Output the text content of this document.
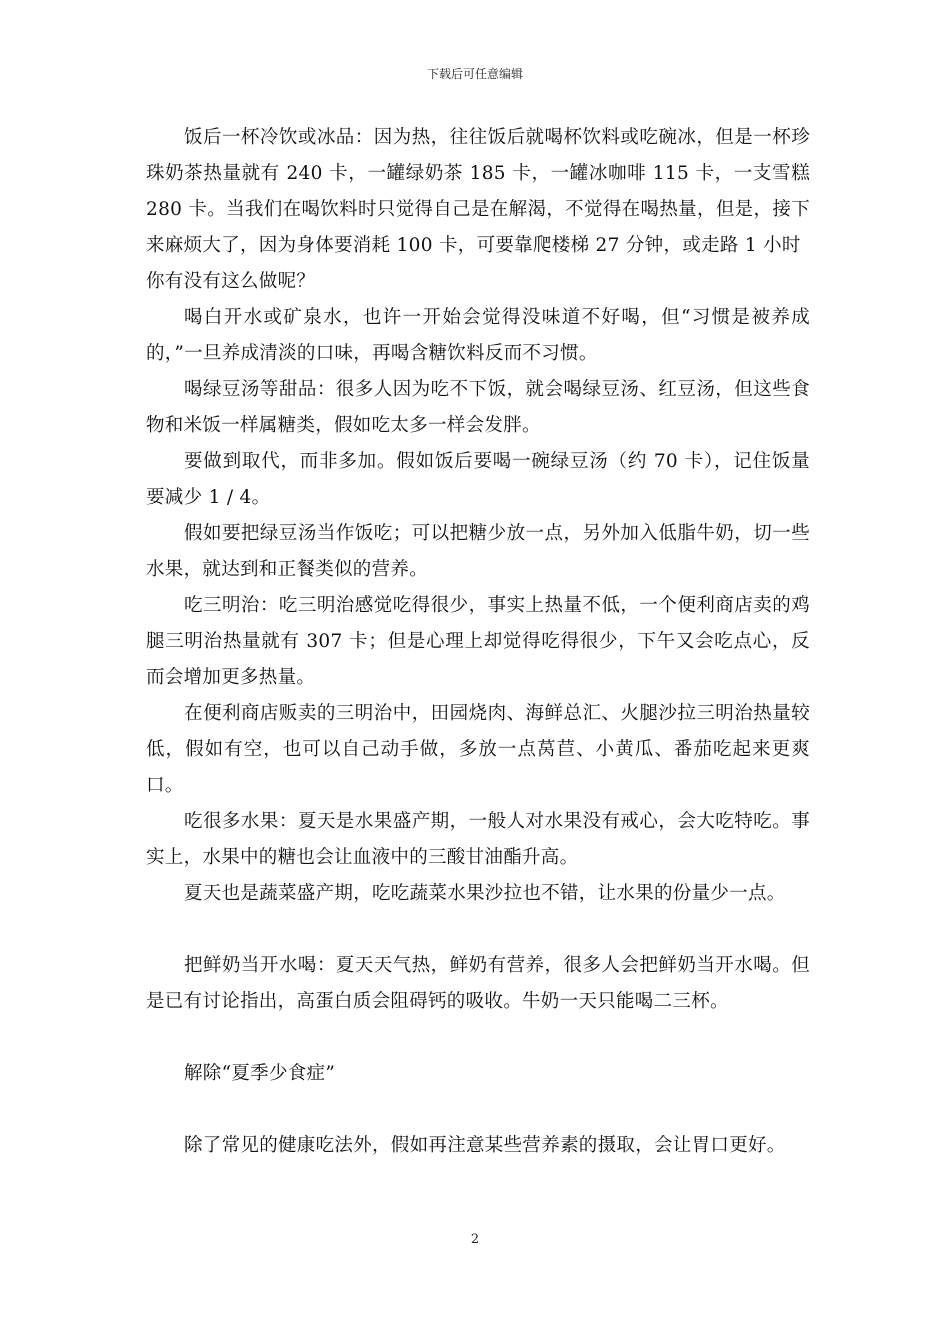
下载后可任意编辑

饭后一杯冷饮或冰品：因为热，往往饭后就喝杯饮料或吃碗冰，但是一杯珍珠奶茶热量就有 240 卡，一罐绿奶茶 185 卡，一罐冰咖啡 115 卡，一支雪糕 280 卡。当我们在喝饮料时只觉得自己是在解渴，不觉得在喝热量，但是，接下来麻烦大了，因为身体要消耗 100 卡，可要靠爬楼梯 27 分钟，或走路 1 小时
你有没有这么做呢？

喝白开水或矿泉水，也许一开始会觉得没味道不好喝，但“习惯是被养成的，”一旦养成清淡的口味，再喝含糖饮料反而不习惯。

喝绿豆汤等甜品：很多人因为吃不下饭，就会喝绿豆汤、红豆汤，但这些食物和米饭一样属糖类，假如吃太多一样会发胖。

要做到取代，而非多加。假如饭后要喝一碗绿豆汤（约 70 卡），记住饭量要减少 1 / 4。

假如要把绿豆汤当作饭吃；可以把糖少放一点，另外加入低脂牛奶，切一些水果，就达到和正餐类似的营养。

吃三明治：吃三明治感觉吃得很少，事实上热量不低，一个便利商店卖的鸡腿三明治热量就有 307 卡；但是心理上却觉得吃得很少，下午又会吃点心，反而会增加更多热量。

在便利商店贩卖的三明治中，田园烧肉、海鲜总汇、火腿沙拉三明治热量较低，假如有空，也可以自己动手做，多放一点莴苣、小黄瓜、番茄吃起来更爽口。

吃很多水果：夏天是水果盛产期，一般人对水果没有戒心，会大吃特吃。事实上，水果中的糖也会让血液中的三酸甘油酯升高。

夏天也是蔬菜盛产期，吃吃蔬菜水果沙拉也不错，让水果的份量少一点。

把鲜奶当开水喝：夏天天气热，鲜奶有营养，很多人会把鲜奶当开水喝。但是已有讨论指出，高蛋白质会阻碍钙的吸收。牛奶一天只能喝二三杯。

解除“夏季少食症”

除了常见的健康吃法外，假如再注意某些营养素的摄取，会让胃口更好。

2
